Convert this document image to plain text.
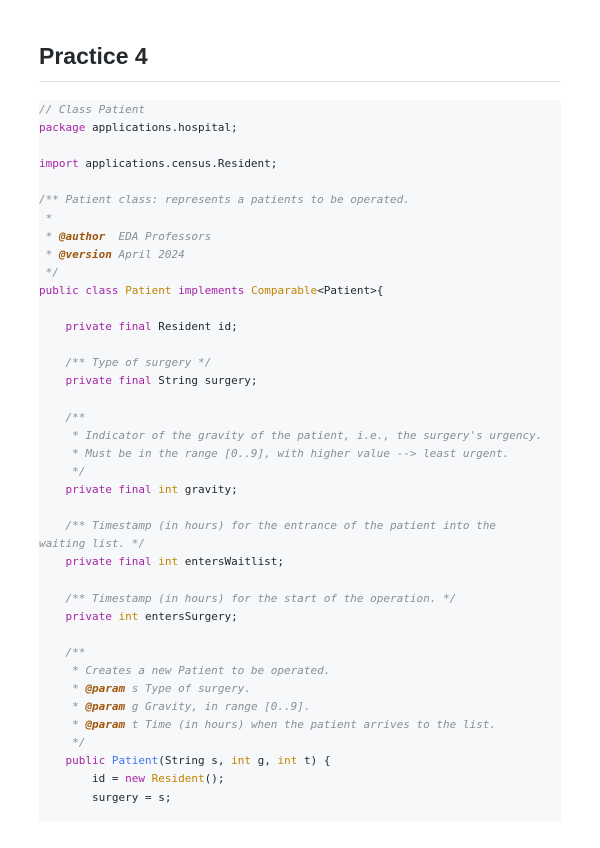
Practice 4
// Class Patient
package applications.hospital;

import applications.census.Resident;

/** Patient class: represents a patients to be operated.
*
* @author  EDA Professors
* @version April 2024
*/
public class Patient implements Comparable<Patient>{

private final Resident id;

/** Type of surgery */
private final String surgery;

/**
* Indicator of the gravity of the patient, i.e., the surgery's urgency.
* Must be in the range [0..9], with higher value --> least urgent.
*/
private final int gravity;

/** Timestamp (in hours) for the entrance of the patient into the
waiting list. */
private final int entersWaitlist;

/** Timestamp (in hours) for the start of the operation. */
private int entersSurgery;

/**
* Creates a new Patient to be operated.
* @param s Type of surgery.
* @param g Gravity, in range [0..9].
* @param t Time (in hours) when the patient arrives to the list.
*/
public Patient(String s, int g, int t) {
id = new Resident();
surgery = s;
